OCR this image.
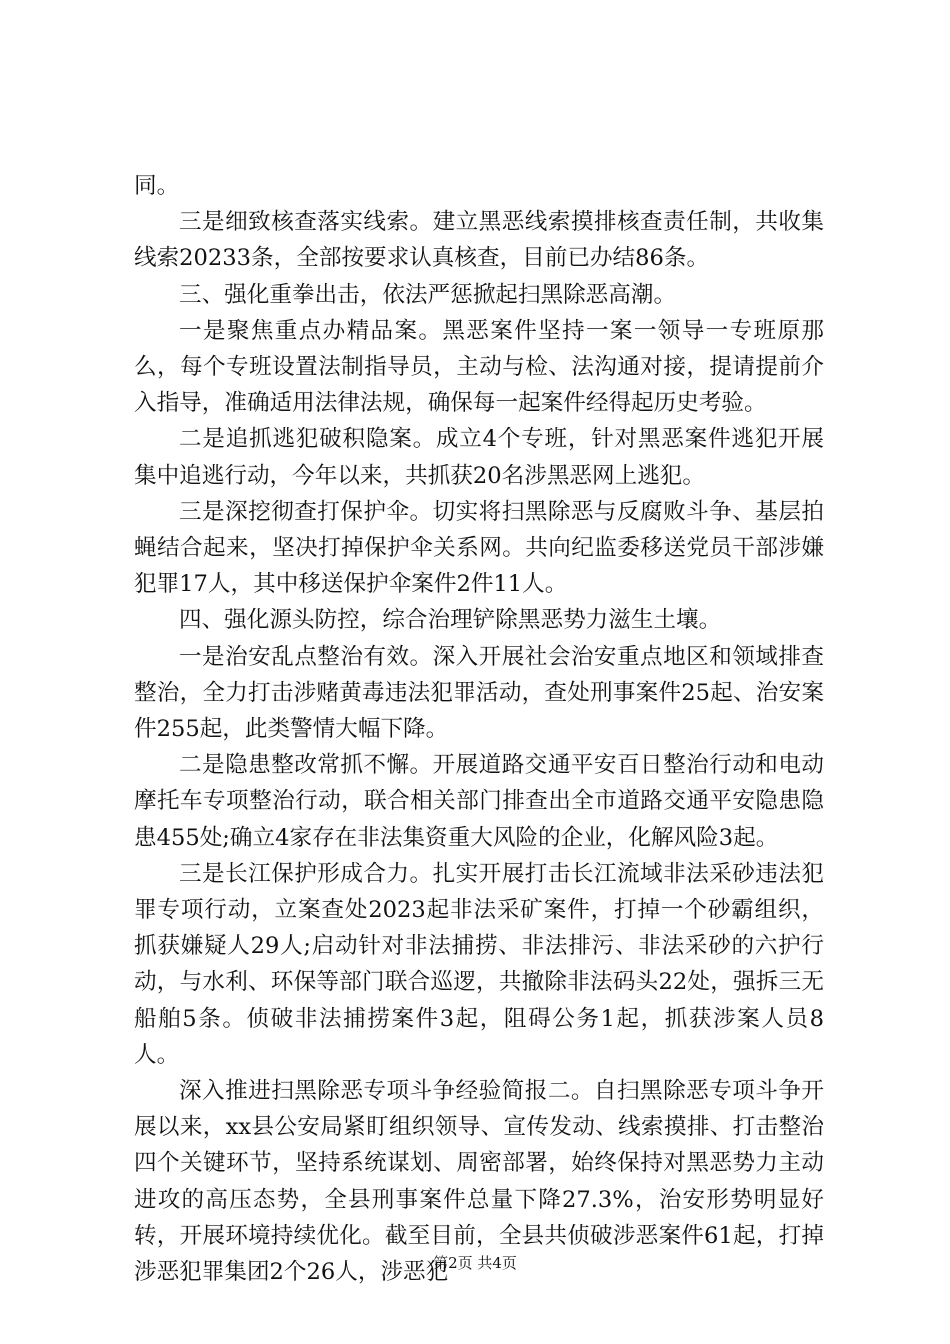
同。

三是细致核查落实线索。建立黑恶线索摸排核查责任制，共收集线索20233条，全部按要求认真核查，目前已办结86条。

三、强化重拳出击，依法严惩掀起扫黑除恶高潮。

一是聚焦重点办精品案。黑恶案件坚持一案一领导一专班原那么，每个专班设置法制指导员，主动与检、法沟通对接，提请提前介入指导，准确适用法律法规，确保每一起案件经得起历史考验。

二是追抓逃犯破积隐案。成立4个专班，针对黑恶案件逃犯开展集中追逃行动，今年以来，共抓获20名涉黑恶网上逃犯。

三是深挖彻查打保护伞。切实将扫黑除恶与反腐败斗争、基层拍蝇结合起来，坚决打掉保护伞关系网。共向纪监委移送党员干部涉嫌犯罪17人，其中移送保护伞案件2件11人。

四、强化源头防控，综合治理铲除黑恶势力滋生土壤。

一是治安乱点整治有效。深入开展社会治安重点地区和领域排查整治，全力打击涉赌黄毒违法犯罪活动，查处刑事案件25起、治安案件255起，此类警情大幅下降。

二是隐患整改常抓不懈。开展道路交通平安百日整治行动和电动摩托车专项整治行动，联合相关部门排查出全市道路交通平安隐患隐患455处;确立4家存在非法集资重大风险的企业，化解风险3起。

三是长江保护形成合力。扎实开展打击长江流域非法采砂违法犯罪专项行动，立案查处2023起非法采矿案件，打掉一个砂霸组织，抓获嫌疑人29人;启动针对非法捕捞、非法排污、非法采砂的六护行动，与水利、环保等部门联合巡逻，共撤除非法码头22处，强拆三无船舶5条。侦破非法捕捞案件3起，阻碍公务1起，抓获涉案人员8人。

深入推进扫黑除恶专项斗争经验简报二。自扫黑除恶专项斗争开展以来，xx县公安局紧盯组织领导、宣传发动、线索摸排、打击整治四个关键环节，坚持系统谋划、周密部署，始终保持对黑恶势力主动进攻的高压态势，全县刑事案件总量下降27.3%，治安形势明显好转，开展环境持续优化。截至目前，全县共侦破涉恶案件61起，打掉涉恶犯罪集团2个26人，涉恶犯

第2页 共4页
